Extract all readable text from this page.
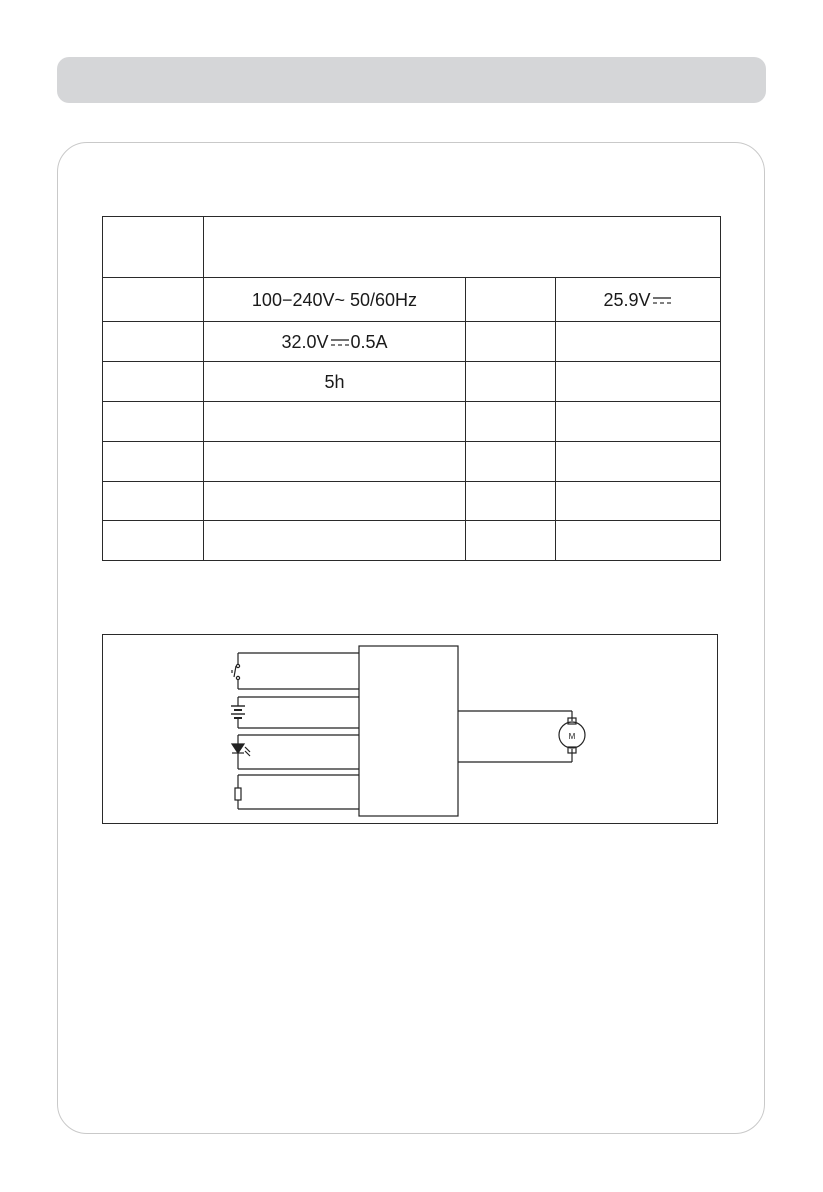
	100−240V~ 50/60Hz		25.9V

	32.0V 0.5A		
	5h		

M
